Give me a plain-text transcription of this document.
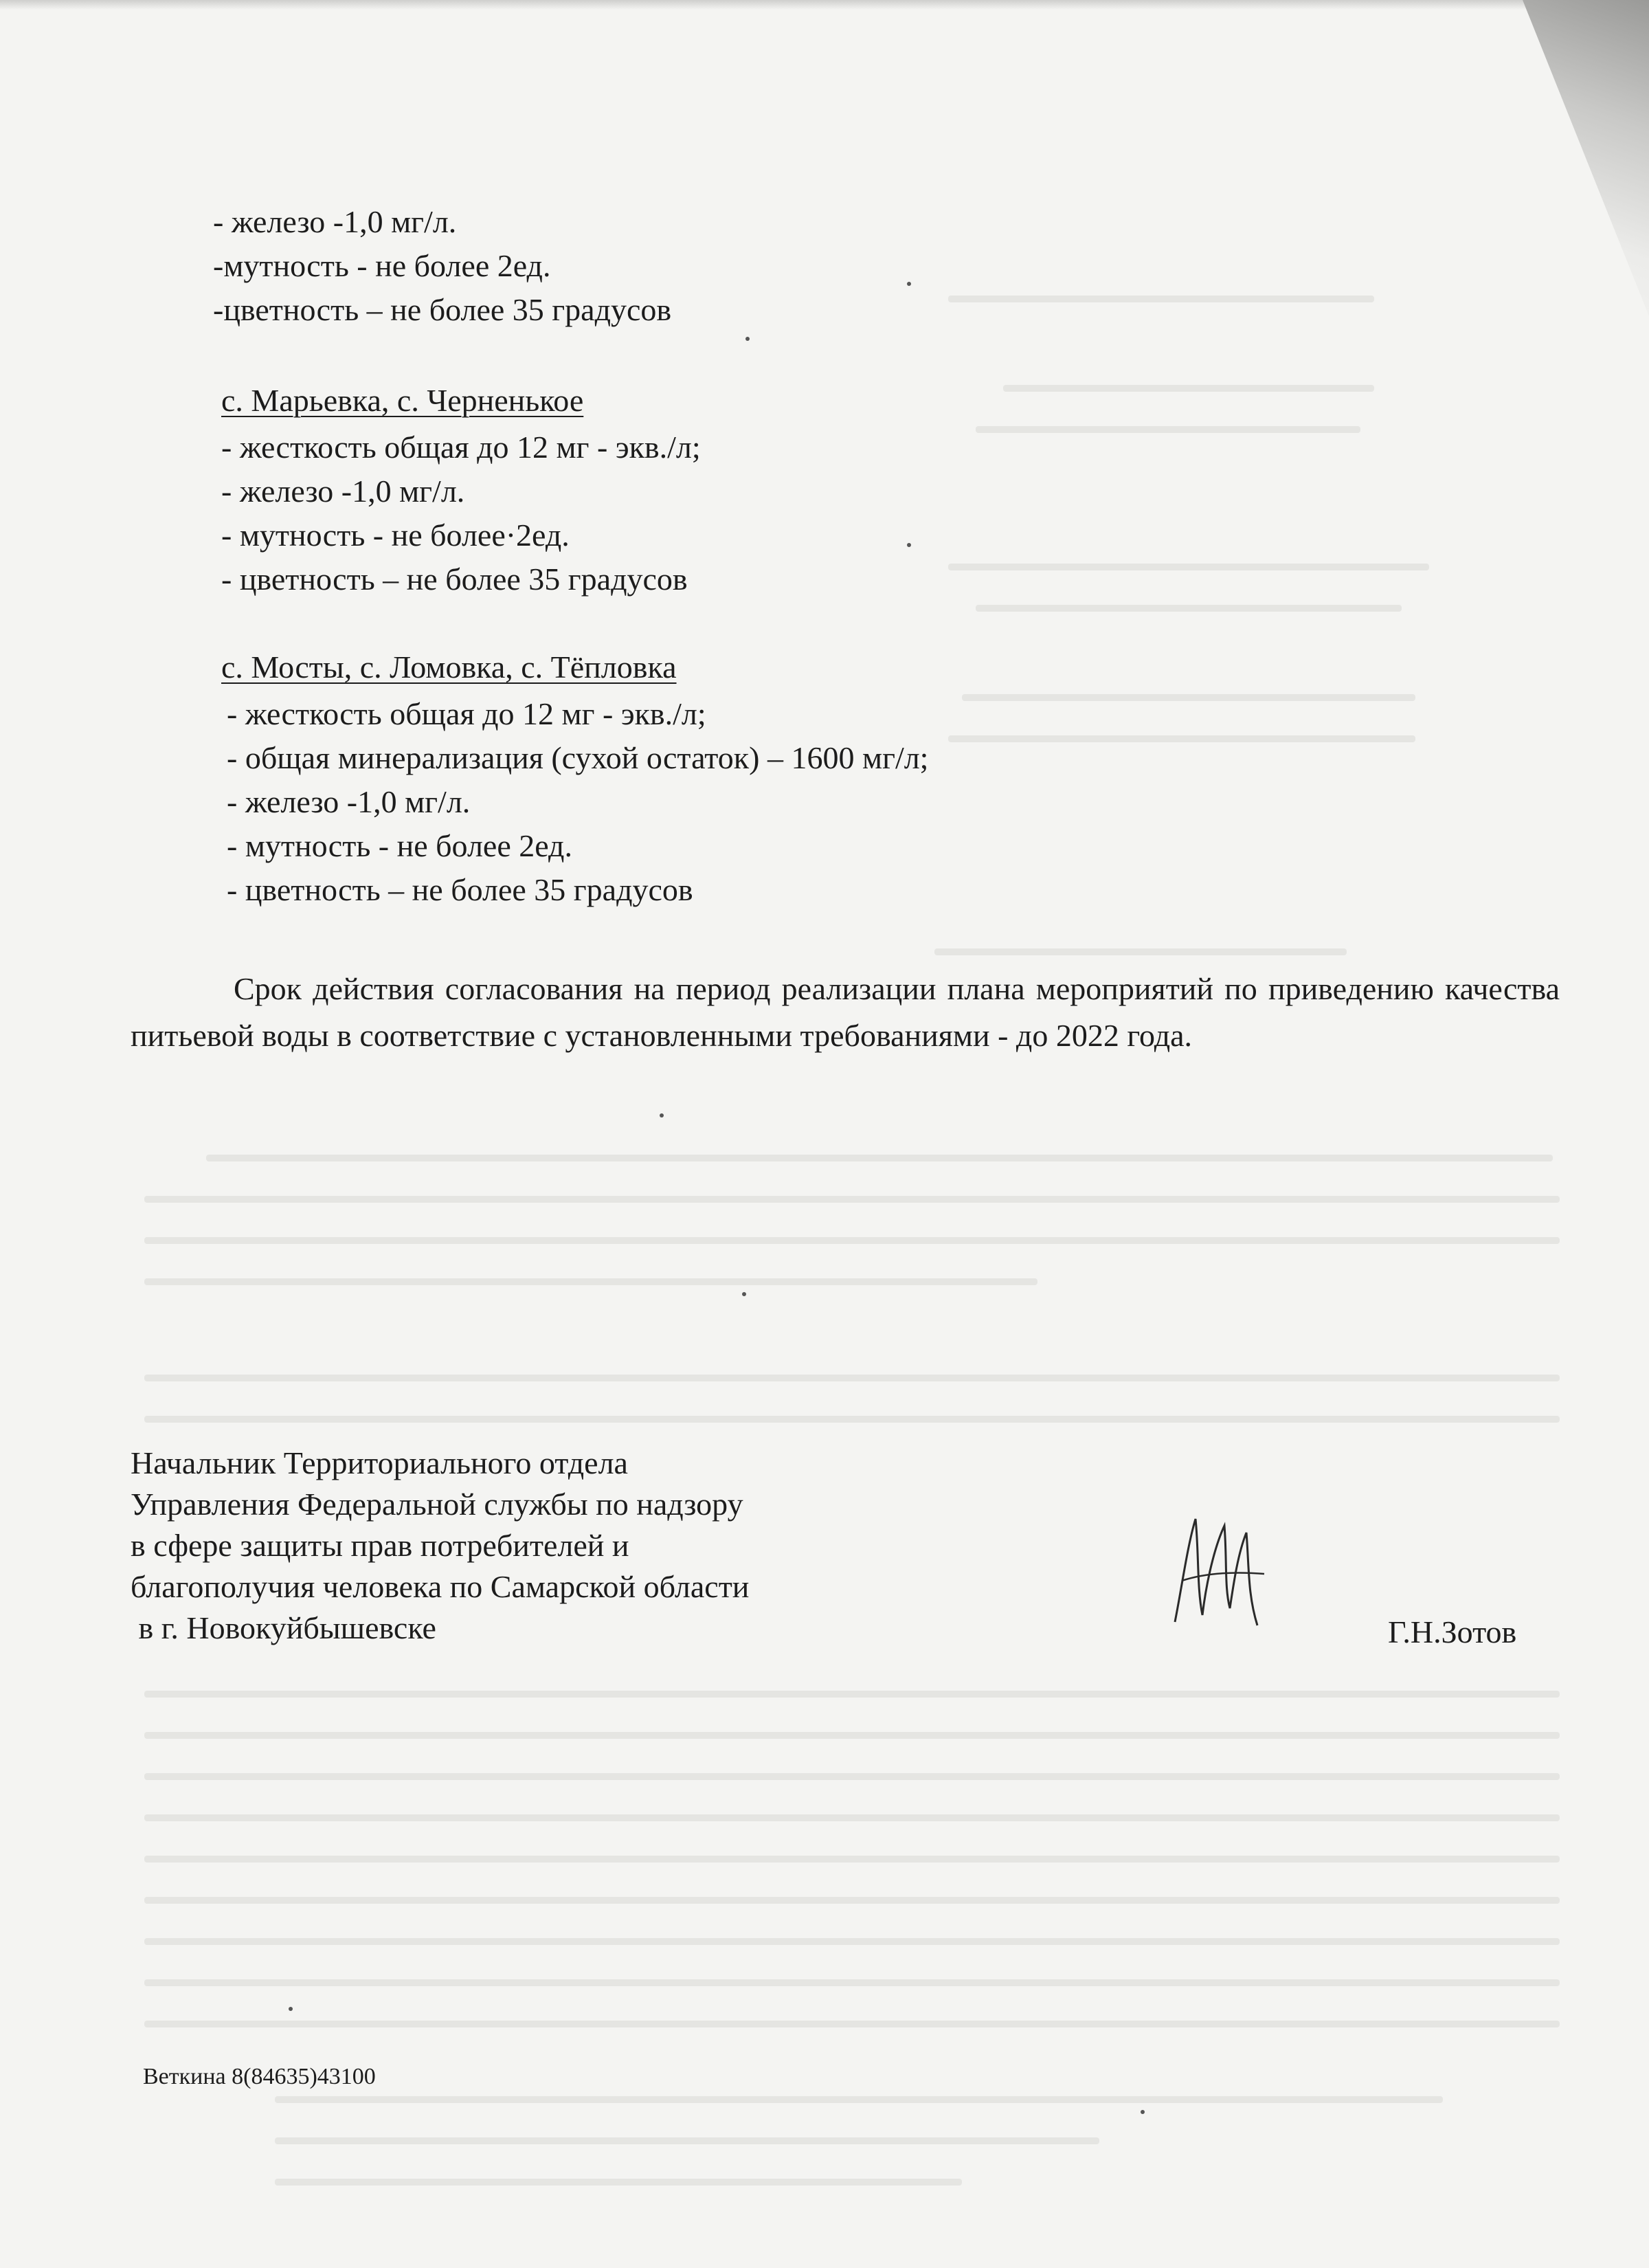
- железо -1,0 мг/л.
-мутность - не более 2ед.
-цветность – не более 35 градусов
с. Марьевка, с. Черненькое
- жесткость общая до 12 мг - экв./л;
- железо -1,0 мг/л.
- мутность - не более·2ед.
- цветность – не более 35 градусов
с. Мосты, с. Ломовка, с. Тёпловка
- жесткость общая до 12 мг - экв./л;
- общая минерализация (сухой остаток) – 1600 мг/л;
- железо -1,0 мг/л.
- мутность - не более 2ед.
- цветность – не более 35 градусов

Срок действия согласования на период реализации плана мероприятий по приведению качества питьевой воды в соответствие с установленными требованиями - до 2022 года.

Начальник Территориального отдела
Управления Федеральной службы по надзору
в сфере защиты прав потребителей и
благополучия человека по Самарской области
в г. Новокуйбышевске	Г.Н.Зотов
Веткина 8(84635)43100
